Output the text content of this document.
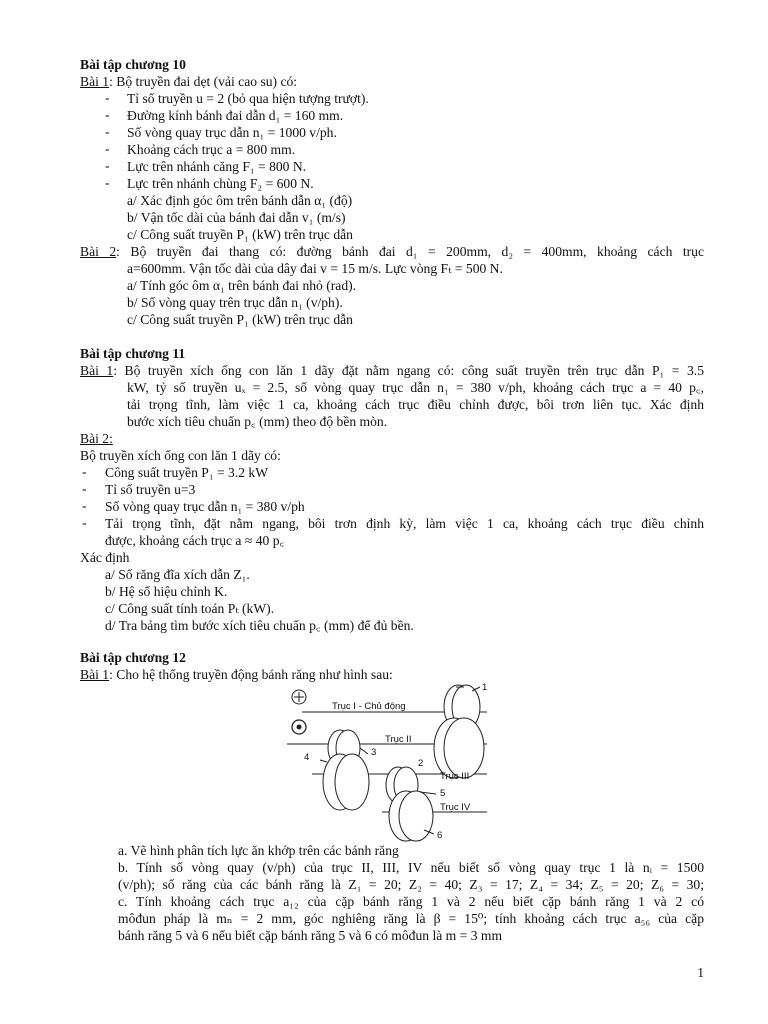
Bài tập chương 10
Bài 1: Bộ truyền đai dẹt (vải cao su) có:
- Tỉ số truyền u = 2 (bỏ qua hiện tượng trượt).
- Đường kính bánh đai dẫn d₁ = 160 mm.
- Số vòng quay trục dẫn n₁ = 1000 v/ph.
- Khoảng cách trục a = 800 mm.
- Lực trên nhánh căng F₁ = 800 N.
- Lực trên nhánh chùng F₂ = 600 N.
a/ Xác định góc ôm trên bánh dẫn α₁ (độ)
b/ Vận tốc dài của bánh đai dẫn v₁ (m/s)
c/ Công suất truyền P₁ (kW) trên trục dẫn
Bài 2: Bộ truyền đai thang có: đường bánh đai d₁ = 200mm, d₂ = 400mm, khoảng cách trục
a=600mm. Vận tốc dài của dây đai v = 15 m/s. Lực vòng Fₜ = 500 N.
a/ Tính góc ôm α₁ trên bánh đai nhỏ (rad).
b/ Số vòng quay trên trục dẫn n₁ (v/ph).
c/ Công suất truyền P₁ (kW) trên trục dẫn
Bài tập chương 11
Bài 1: Bộ truyền xích ống con lăn 1 dãy đặt nằm ngang có: công suất truyền trên trục dẫn P₁ = 3.5
kW, tỷ số truyền uₓ = 2.5, số vòng quay trục dẫn n₁ = 380 v/ph, khoảng cách trục a = 40 p꜀,
tải trọng tĩnh, làm việc 1 ca, khoảng cách trục điều chỉnh được, bôi trơn liên tục. Xác định
bước xích tiêu chuẩn p꜀ (mm) theo độ bền mòn.
Bài 2:
Bộ truyền xích ống con lăn 1 dãy có:
- Công suất truyền P₁ = 3.2 kW
- Tỉ số truyền u=3
- Số vòng quay trục dẫn n₁ = 380 v/ph
- Tải trọng tĩnh, đặt nằm ngang, bôi trơn định kỳ, làm việc 1 ca, khoảng cách trục điều chỉnh
được, khoảng cách trục a ≈ 40 p꜀
Xác định
a/ Số răng đĩa xích dẫn Z₁.
b/ Hệ số hiệu chỉnh K.
c/ Công suất tính toán Pₜ (kW).
d/ Tra bảng tìm bước xích tiêu chuẩn p꜀ (mm) để đủ bền.
Bài tập chương 12
Bài 1: Cho hệ thống truyền động bánh răng như hình sau:
Trục I - Chủ động
Trục II
Trục III
Trục IV
1
2
3
4
5
6
a. Vẽ hình phân tích lực ăn khớp trên các bánh răng
b. Tính số vòng quay (v/ph) của trục II, III, IV nếu biết số vòng quay trục 1 là nᵢ = 1500
(v/ph); số răng của các bánh răng là Z₁ = 20; Z₂ = 40; Z₃ = 17; Z₄ = 34; Z₅ = 20; Z₆ = 30;
c. Tính khoảng cách trục a₁₂ của cặp bánh răng 1 và 2 nếu biết cặp bánh răng 1 và 2 có
môđun pháp là mₙ = 2 mm, góc nghiêng răng là β = 15⁰; tính khoảng cách trục a₅₆ của cặp
bánh răng 5 và 6 nếu biết cặp bánh răng 5 và 6 có môđun là m = 3 mm
1
